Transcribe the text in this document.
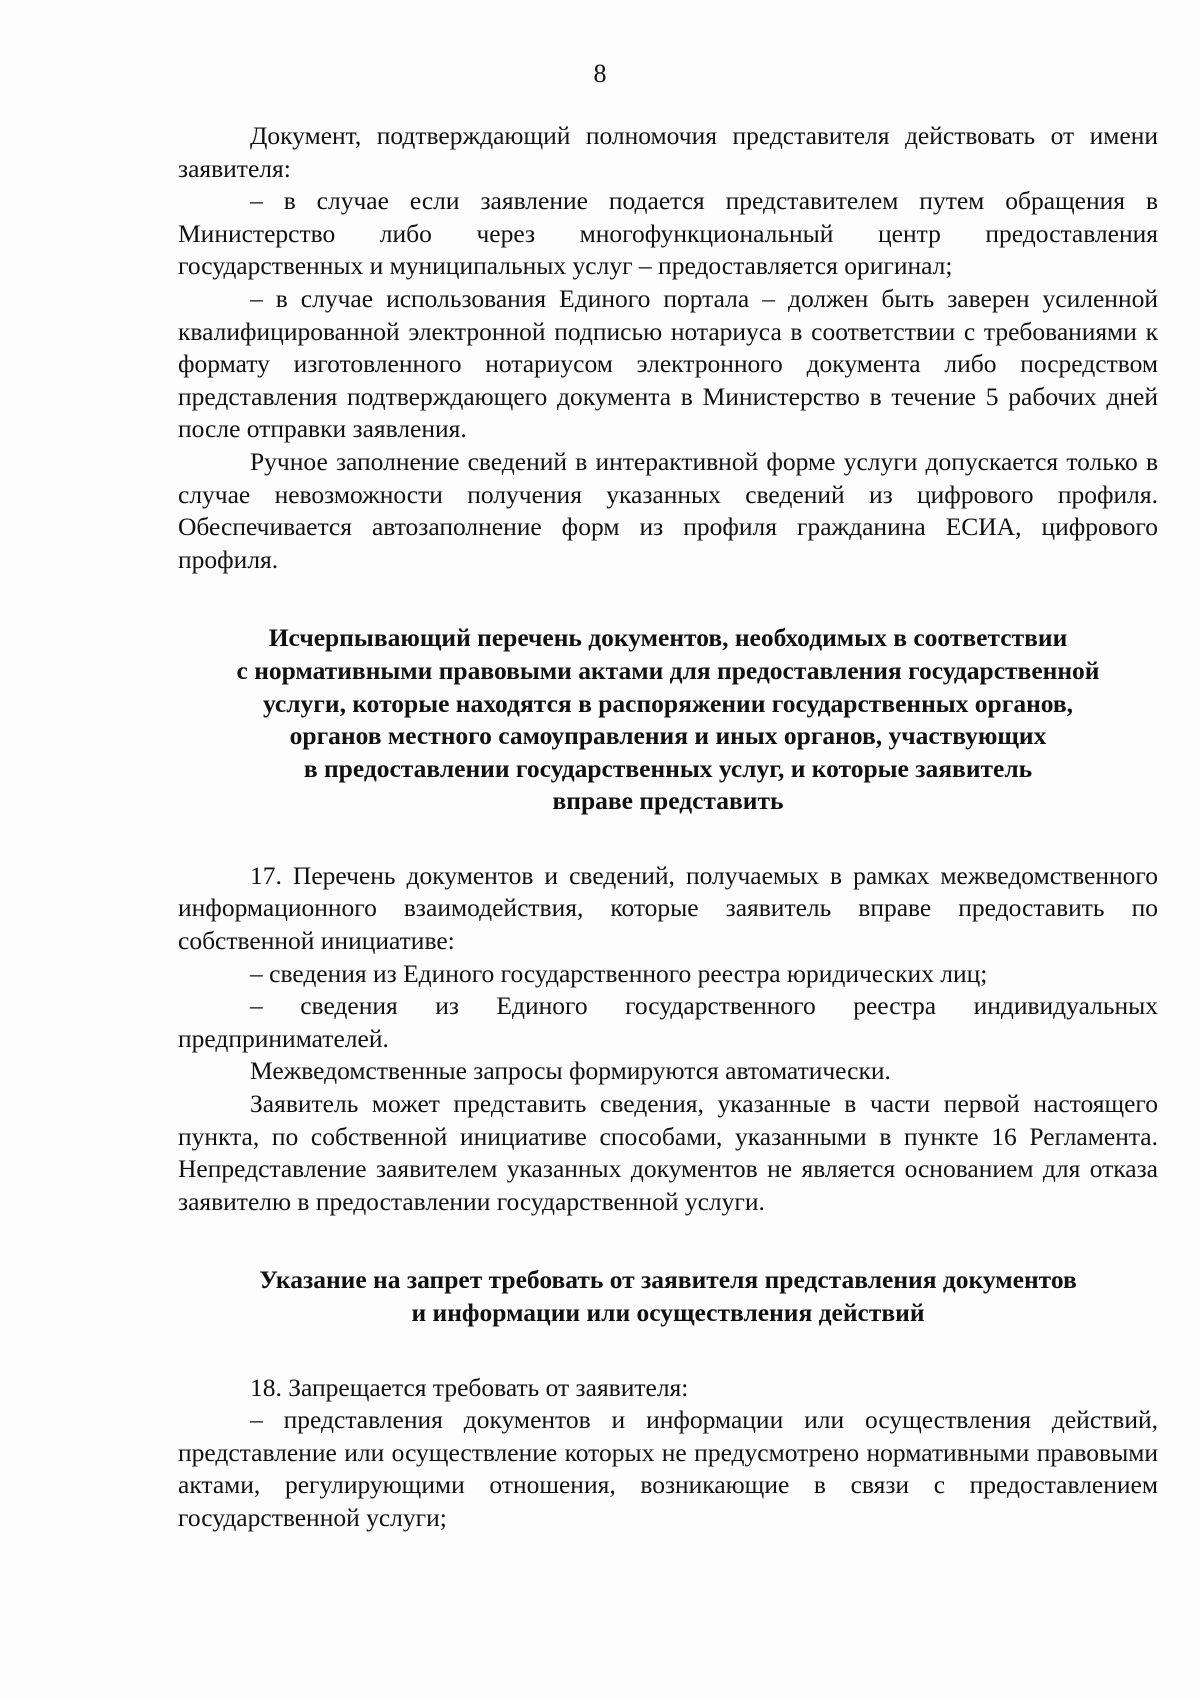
8

Документ, подтверждающий полномочия представителя действовать от имени заявителя:

– в случае если заявление подается представителем путем обращения в Министерство либо через многофункциональный центр предоставления государственных и муниципальных услуг – предоставляется оригинал;

– в случае использования Единого портала – должен быть заверен усиленной квалифицированной электронной подписью нотариуса в соответствии с требованиями к формату изготовленного нотариусом электронного документа либо посредством представления подтверждающего документа в Министерство в течение 5 рабочих дней после отправки заявления.

Ручное заполнение сведений в интерактивной форме услуги допускается только в случае невозможности получения указанных сведений из цифрового профиля. Обеспечивается автозаполнение форм из профиля гражданина ЕСИА, цифрового профиля.

Исчерпывающий перечень документов, необходимых в соответствии
с нормативными правовыми актами для предоставления государственной
услуги, которые находятся в распоряжении государственных органов,
органов местного самоуправления и иных органов, участвующих
в предоставлении государственных услуг, и которые заявитель
вправе представить

17. Перечень документов и сведений, получаемых в рамках межведомственного информационного взаимодействия, которые заявитель вправе предоставить по собственной инициативе:

– сведения из Единого государственного реестра юридических лиц;

– сведения из Единого государственного реестра индивидуальных предпринимателей.

Межведомственные запросы формируются автоматически.

Заявитель может представить сведения, указанные в части первой настоящего пункта, по собственной инициативе способами, указанными в пункте 16 Регламента. Непредставление заявителем указанных документов не является основанием для отказа заявителю в предоставлении государственной услуги.

Указание на запрет требовать от заявителя представления документов
и информации или осуществления действий

18. Запрещается требовать от заявителя:

– представления документов и информации или осуществления действий, представление или осуществление которых не предусмотрено нормативными правовыми актами, регулирующими отношения, возникающие в связи с предоставлением государственной услуги;
